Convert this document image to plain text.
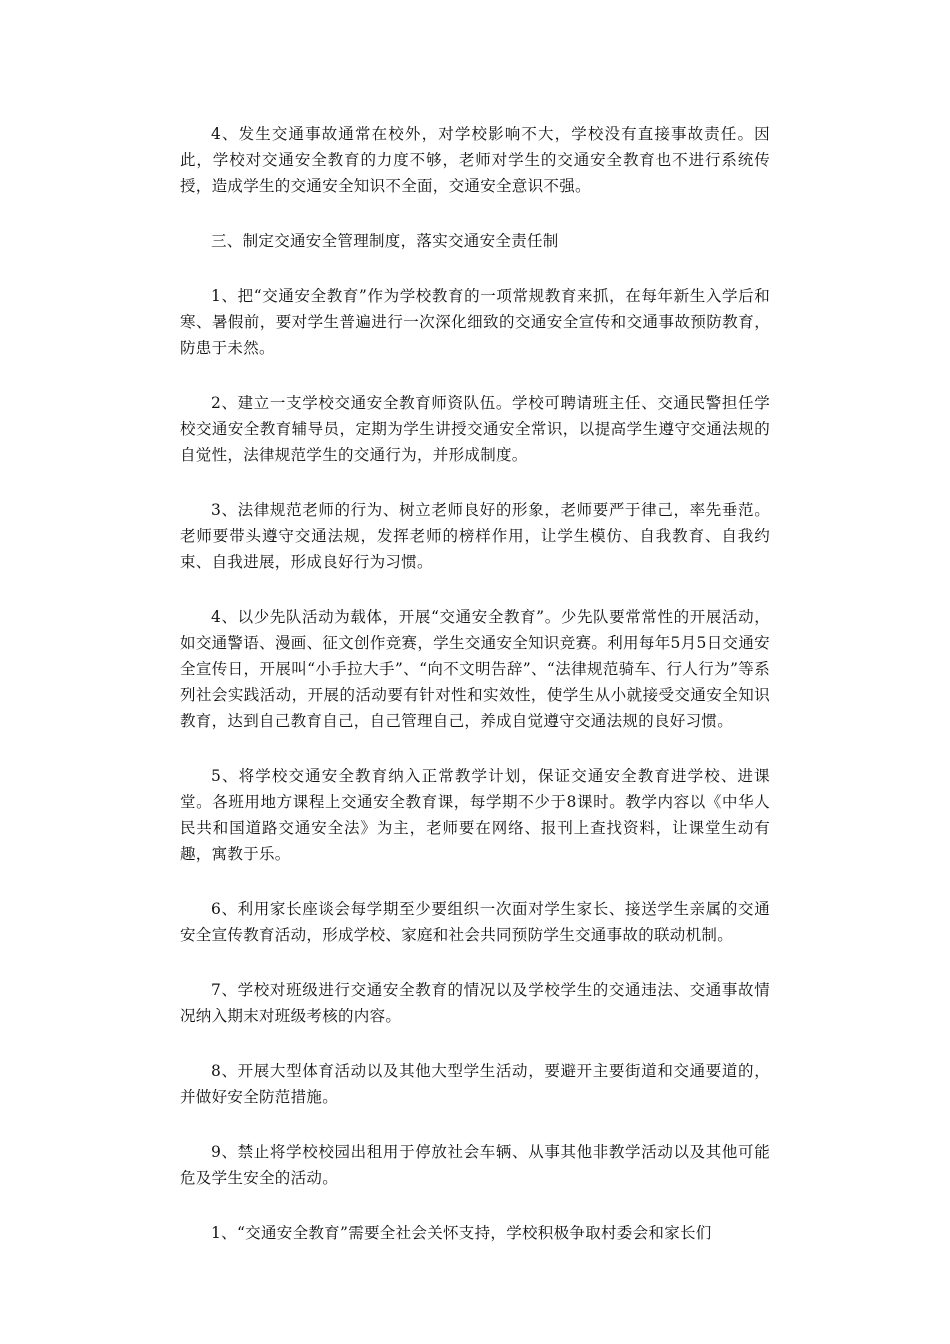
4、发生交通事故通常在校外，对学校影响不大，学校没有直接事故责任。因此，学校对交通安全教育的力度不够，老师对学生的交通安全教育也不进行系统传授，造成学生的交通安全知识不全面，交通安全意识不强。

三、制定交通安全管理制度，落实交通安全责任制

1、把“交通安全教育”作为学校教育的一项常规教育来抓，在每年新生入学后和寒、暑假前，要对学生普遍进行一次深化细致的交通安全宣传和交通事故预防教育，防患于未然。

2、建立一支学校交通安全教育师资队伍。学校可聘请班主任、交通民警担任学校交通安全教育辅导员，定期为学生讲授交通安全常识，以提高学生遵守交通法规的自觉性，法律规范学生的交通行为，并形成制度。

3、法律规范老师的行为、树立老师良好的形象，老师要严于律己，率先垂范。老师要带头遵守交通法规，发挥老师的榜样作用，让学生模仿、自我教育、自我约束、自我进展，形成良好行为习惯。

4、以少先队活动为载体，开展“交通安全教育”。少先队要常常性的开展活动，如交通警语、漫画、征文创作竞赛，学生交通安全知识竞赛。利用每年5月5日交通安全宣传日，开展叫“小手拉大手”、“向不文明告辞”、“法律规范骑车、行人行为”等系列社会实践活动，开展的活动要有针对性和实效性，使学生从小就接受交通安全知识教育，达到自己教育自己，自己管理自己，养成自觉遵守交通法规的良好习惯。

5、将学校交通安全教育纳入正常教学计划，保证交通安全教育进学校、进课堂。各班用地方课程上交通安全教育课，每学期不少于8课时。教学内容以《中华人民共和国道路交通安全法》为主，老师要在网络、报刊上查找资料，让课堂生动有趣，寓教于乐。

6、利用家长座谈会每学期至少要组织一次面对学生家长、接送学生亲属的交通安全宣传教育活动，形成学校、家庭和社会共同预防学生交通事故的联动机制。

7、学校对班级进行交通安全教育的情况以及学校学生的交通违法、交通事故情况纳入期末对班级考核的内容。

8、开展大型体育活动以及其他大型学生活动，要避开主要街道和交通要道的，并做好安全防范措施。

9、禁止将学校校园出租用于停放社会车辆、从事其他非教学活动以及其他可能危及学生安全的活动。

1、“交通安全教育”需要全社会关怀支持，学校积极争取村委会和家长们
